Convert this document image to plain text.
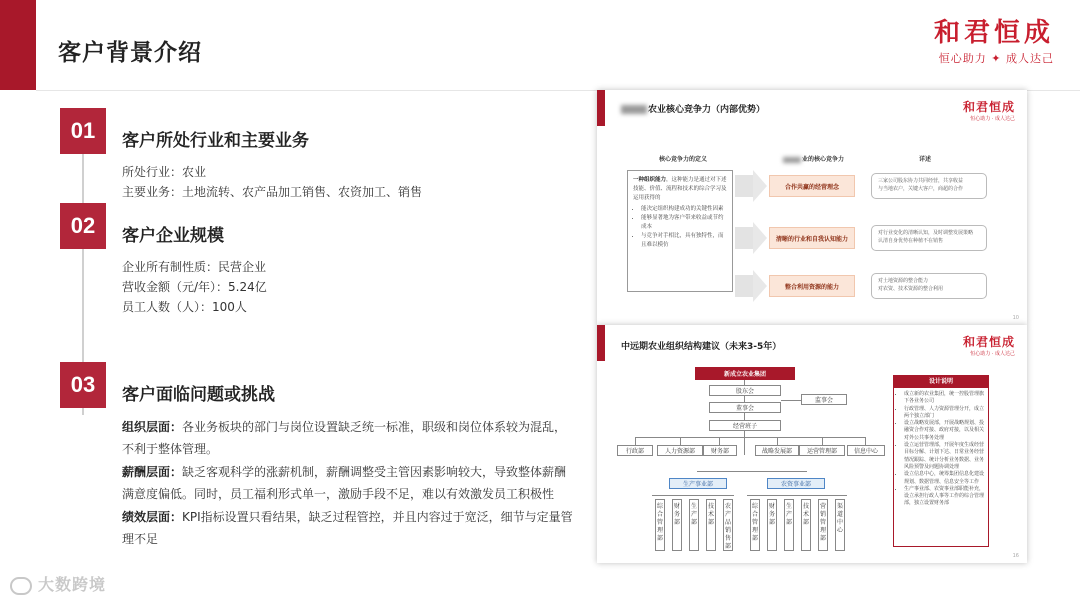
客户背景介绍
和君恒成
恒心助力 ✦ 成人达己
01	客户所处行业和主要业务

所处行业：农业

主要业务：土地流转、农产品加工销售、农资加工、销售

02	客户企业规模

企业所有制性质：民营企业

营收金额（元/年）：5.24亿

员工人数（人）：100人

03	客户面临问题或挑战

组织层面：各业务板块的部门与岗位设置缺乏统一标准，职级和岗位体系较为混乱，不利于整体管理。

薪酬层面：缺乏客观科学的涨薪机制，薪酬调整受主管因素影响较大，导致整体薪酬满意度偏低。同时，员工福利形式单一，激励手段不足，难以有效激发员工积极性

绩效层面：KPI指标设置只看结果，缺乏过程管控，并且内容过于宽泛，细节与定量管理不足

农业核心竞争力（内部优势）	和君恒成
恒心助力 · 成人达己
核心竞争力的定义	业的核心竞争力	详述
一种组织能力，这种能力是通过对下述技能、价值、流程和技术的综合学习及运用获得的
• 能决定组织构建成功的关键性因素
• 能够显著地为客户带来收益或节约成本
• 与竞争对手相比，具有独特性，而且难以模仿
合作共赢的经营理念
清晰的行业和自我认知能力
整合利用资源的能力
三家公司股东协力共同经营，共享收益
与当地农户，关键大客户，商超的合作
对行业变化的清晰认知，及时调整发展策略
认清自身优势在种植不在销售
对土地资源的整合能力
对农资、技术资源的整合利用
10
中远期农业组织结构建议（未来3-5年）	和君恒成
恒心助力 · 成人达己
新成立农业集团
股东会
董事会
监事会
经营班子
行政部	人力资源部	财务部	战略发展部	运营管理部	信息中心
生产事业部	农资事业部
综合管理部
财务部
生产部
技术部
农产品销售部
综合管理部
财务部
生产部
技术部
营销管理部
渠道中心
设计说明
• 成立新的农业集团，统一控股管理旗下各业务公司
• 行政管理、人力资源管理分开，成立两个独立部门
• 设立战略发展部，开展战略规划、投融资合作对接、政府对接，以及相关对外公共事务处理
• 设立运营管理部，开展年度生成经营目标分解、计划下达、日常业务经营情况跟踪、统计分析业务数据、业务风险预警及问题协调处理
• 设立信息中心，统筹集团信息化建设规划、数据管理、信息安全等工作
• 生产事业部、农资事业部职能补充，设立承担行政人事等工作的综合管理部，独立设置财务部
16
大数跨境
